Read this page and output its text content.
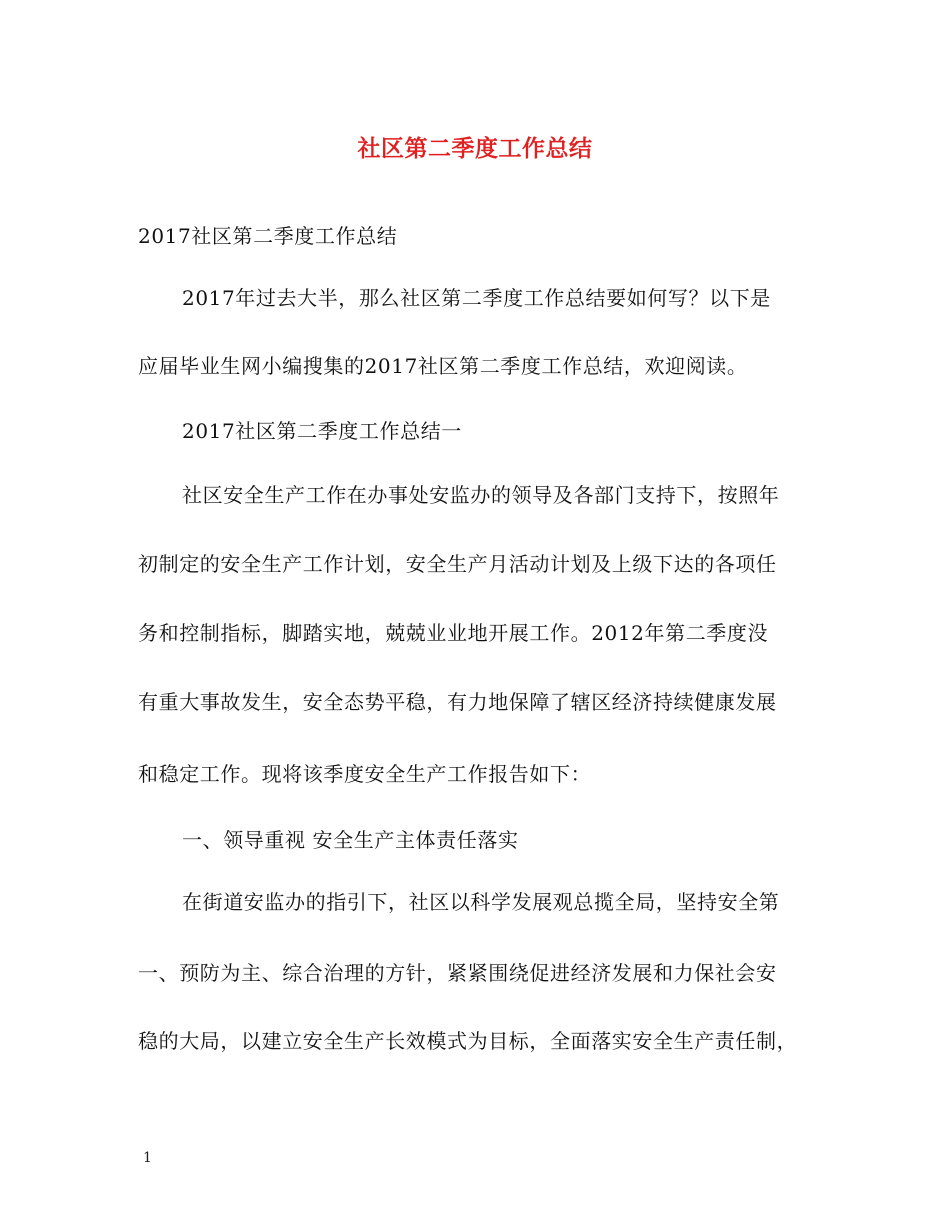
社区第二季度工作总结
2017社区第二季度工作总结
2017年过去大半，那么社区第二季度工作总结要如何写？以下是
应届毕业生网小编搜集的2017社区第二季度工作总结，欢迎阅读。
2017社区第二季度工作总结一
社区安全生产工作在办事处安监办的领导及各部门支持下，按照年
初制定的安全生产工作计划，安全生产月活动计划及上级下达的各项任
务和控制指标，脚踏实地，兢兢业业地开展工作。2012年第二季度没
有重大事故发生，安全态势平稳，有力地保障了辖区经济持续健康发展
和稳定工作。现将该季度安全生产工作报告如下：
一、领导重视 安全生产主体责任落实
在街道安监办的指引下，社区以科学发展观总揽全局，坚持安全第
一、预防为主、综合治理的方针，紧紧围绕促进经济发展和力保社会安
稳的大局，以建立安全生产长效模式为目标，全面落实安全生产责任制，
1
